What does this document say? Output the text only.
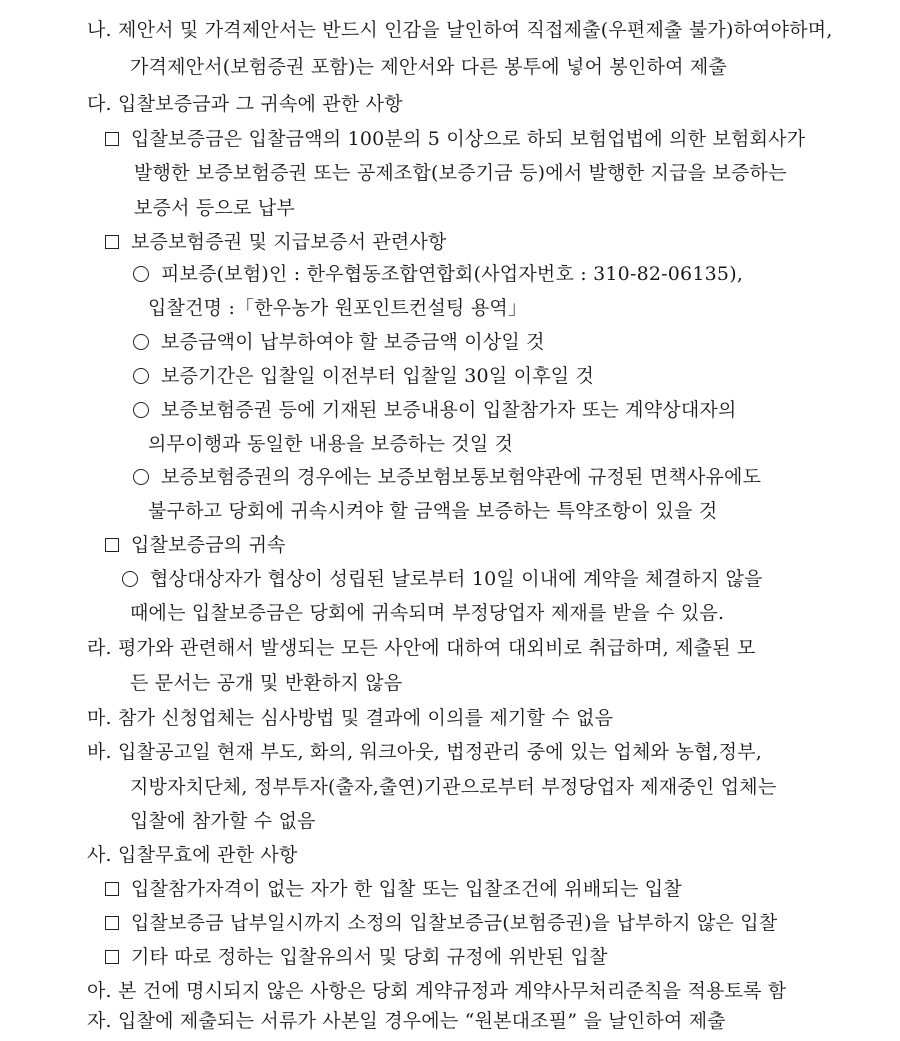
나. 제안서 및 가격제안서는 반드시 인감을 날인하여 직접제출(우편제출 불가)하여야하며,
가격제안서(보험증권 포함)는 제안서와 다른 봉투에 넣어 봉인하여 제출
다. 입찰보증금과 그 귀속에 관한 사항
입찰보증금은 입찰금액의 100분의 5 이상으로 하되 보험업법에 의한 보험회사가
발행한 보증보험증권 또는 공제조합(보증기금 등)에서 발행한 지급을 보증하는
보증서 등으로 납부
보증보험증권 및 지급보증서 관련사항
피보증(보험)인 : 한우협동조합연합회(사업자번호 : 310-82-06135),
입찰건명 :「한우농가 원포인트컨설팅 용역」
보증금액이 납부하여야 할 보증금액 이상일 것
보증기간은 입찰일 이전부터 입찰일 30일 이후일 것
보증보험증권 등에 기재된 보증내용이 입찰참가자 또는 계약상대자의
의무이행과 동일한 내용을 보증하는 것일 것
보증보험증권의 경우에는 보증보험보통보험약관에 규정된 면책사유에도
불구하고 당회에 귀속시켜야 할 금액을 보증하는 특약조항이 있을 것
입찰보증금의 귀속
협상대상자가 협상이 성립된 날로부터 10일 이내에 계약을 체결하지 않을
때에는 입찰보증금은 당회에 귀속되며 부정당업자 제재를 받을 수 있음.
라. 평가와 관련해서 발생되는 모든 사안에 대하여 대외비로 취급하며, 제출된 모
든 문서는 공개 및 반환하지 않음
마. 참가 신청업체는 심사방법 및 결과에 이의를 제기할 수 없음
바. 입찰공고일 현재 부도, 화의, 워크아웃, 법정관리 중에 있는 업체와 농협,정부,
지방자치단체, 정부투자(출자,출연)기관으로부터 부정당업자 제재중인 업체는
입찰에 참가할 수 없음
사. 입찰무효에 관한 사항
입찰참가자격이 없는 자가 한 입찰 또는 입찰조건에 위배되는 입찰
입찰보증금 납부일시까지 소정의 입찰보증금(보험증권)을 납부하지 않은 입찰
기타 따로 정하는 입찰유의서 및 당회 규정에 위반된 입찰
아. 본 건에 명시되지 않은 사항은 당회 계약규정과 계약사무처리준칙을 적용토록 함
자. 입찰에 제출되는 서류가 사본일 경우에는 “원본대조필” 을 날인하여 제출
